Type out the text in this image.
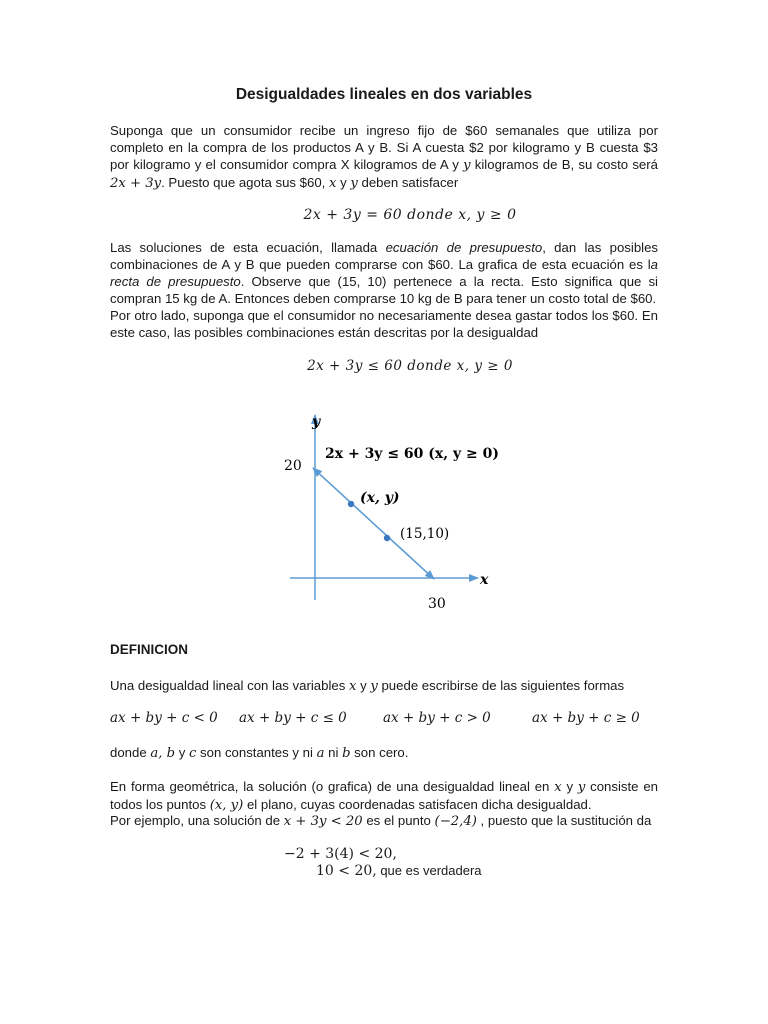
Desigualdades lineales en dos variables
Suponga que un consumidor recibe un ingreso fijo de $60 semanales que utiliza por completo en la compra de los productos A y B. Si A cuesta $2 por kilogramo y B cuesta $3 por kilogramo y el consumidor compra X kilogramos de A y y kilogramos de B, su costo será 2x + 3y. Puesto que agota sus $60, x y y deben satisfacer
2x + 3y = 60 donde x, y ≥ 0
Las soluciones de esta ecuación, llamada ecuación de presupuesto, dan las posibles combinaciones de A y B que pueden comprarse con $60. La grafica de esta ecuación es la recta de presupuesto. Observe que (15, 10) pertenece a la recta. Esto significa que si compran 15 kg de A. Entonces deben comprarse 10 kg de B para tener un costo total de $60.
Por otro lado, suponga que el consumidor no necesariamente desea gastar todos los $60. En este caso, las posibles combinaciones están descritas por la desigualdad
2x + 3y ≤ 60 donde x, y ≥ 0
y
x
20
30
2x + 3y ≤ 60 (x, y ≥ 0)
(x, y)
(15,10)
DEFINICION
Una desigualdad lineal con las variables x y y puede escribirse de las siguientes formas
ax + by + c < 0 ax + by + c ≤ 0	ax + by + c > 0	ax + by + c ≥ 0
donde a, b y c son constantes y ni a ni b son cero.
En forma geométrica, la solución (o grafica) de una desigualdad lineal en x y y consiste en todos los puntos (x, y) el plano, cuyas coordenadas satisfacen dicha desigualdad.
Por ejemplo, una solución de x + 3y < 20 es el punto (−2,4) , puesto que la sustitución da
−2 + 3(4) < 20,
10 < 20, que es verdadera
